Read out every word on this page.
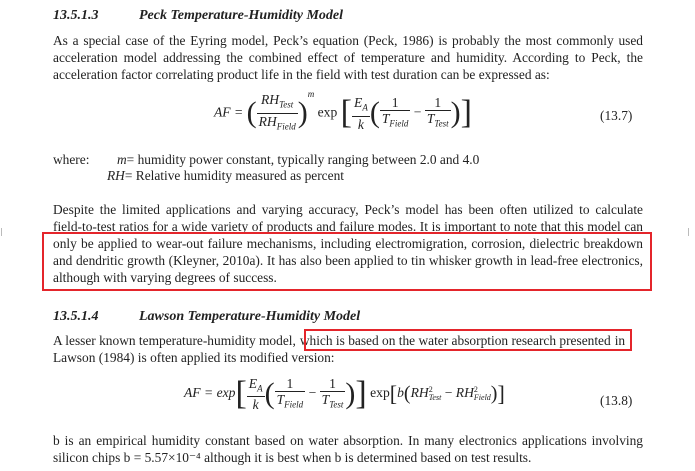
13.5.1.3	Peck Temperature-Humidity Model
As a special case of the Eyring model, Peck’s equation (Peck, 1986) is probably the most commonly used
acceleration model addressing the combined effect of temperature and humidity. According to Peck, the
acceleration factor correlating product life in the field with test duration can be expressed as:
AF = ( $\frac{RH_{Test}}{RH_{Field}} )^m$ exp [ $\frac{E_A}{k}$ ( $\frac{1}{T_{Field}} - \frac{1}{T_{Test}}$ )]	(13.7)
where: m= humidity power constant, typically ranging between 2.0 and 4.0
RH= Relative humidity measured as percent
Despite the limited applications and varying accuracy, Peck’s model has been often utilized to calculate
field-to-test ratios for a wide variety of products and failure modes. It is important to note that this model can
only be applied to wear-out failure mechanisms, including electromigration, corrosion, dielectric breakdown
and dendritic growth (Kleyner, 2010a). It has also been applied to tin whisker growth in lead-free electronics,
although with varying degrees of success.
13.5.1.4	Lawson Temperature-Humidity Model
A lesser known temperature-humidity model, which is based on the water absorption research presented in
Lawson (1984) is often applied its modified version:
AF = $\exp[ \frac{E_A}{k}$ ( $\frac{1}{T_{Field}} - \frac{1}{T_{Test}}$ )] exp[b(RH 2
Test − RH 2
Field )]	(13.8)
b is an empirical humidity constant based on water absorption. In many electronics applications involving
silicon chips b = 5.57×10⁻⁴ although it is best when b is determined based on test results.
